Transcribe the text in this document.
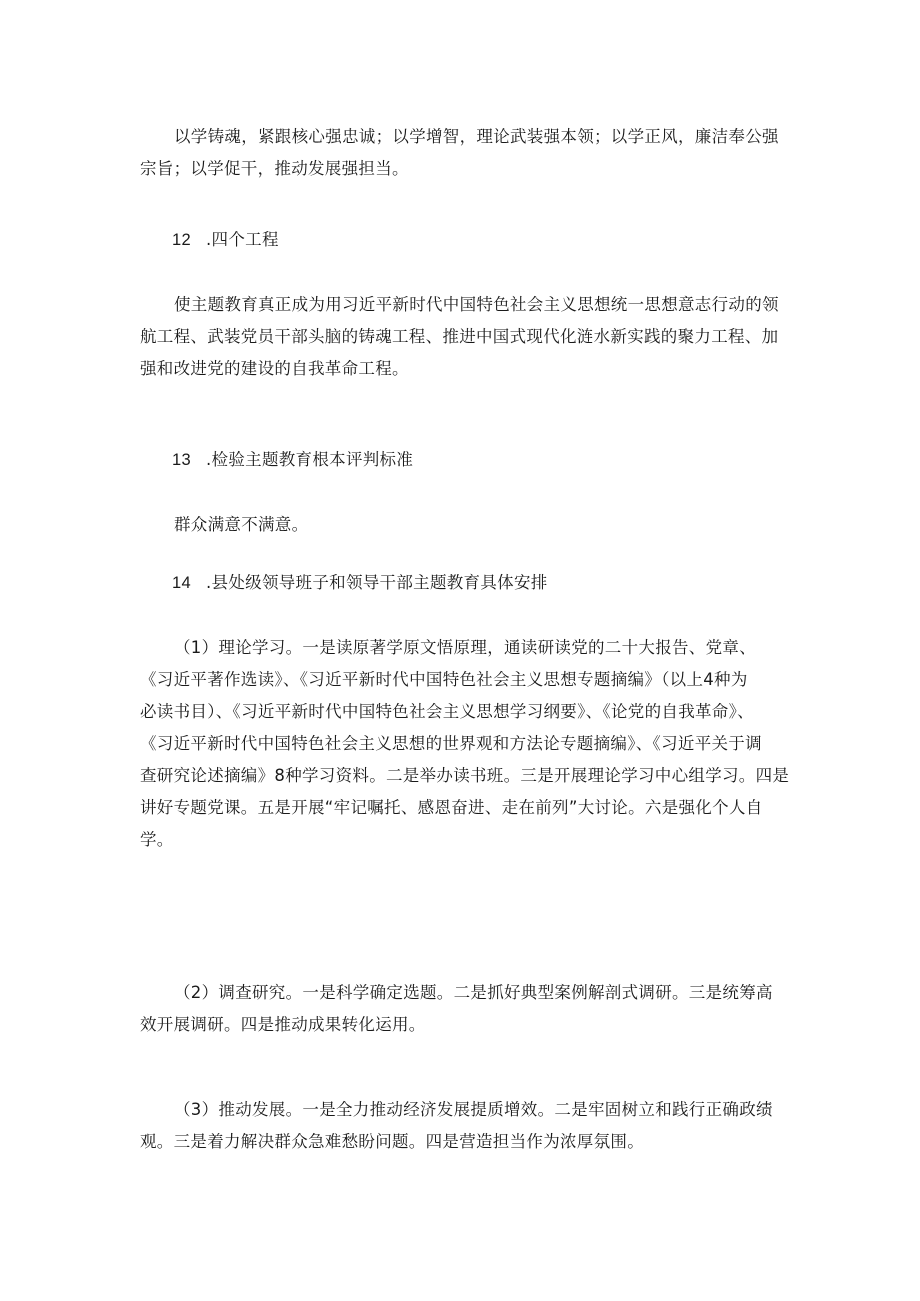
以学铸魂，紧跟核心强忠诚；以学增智，理论武装强本领；以学正风，廉洁奉公强
宗旨；以学促干，推动发展强担当。
12 .四个工程
使主题教育真正成为用习近平新时代中国特色社会主义思想统一思想意志行动的领
航工程、武装党员干部头脑的铸魂工程、推进中国式现代化涟水新实践的聚力工程、加
强和改进党的建设的自我革命工程。
13 .检验主题教育根本评判标准
群众满意不满意。
14 .县处级领导班子和领导干部主题教育具体安排
（1）理论学习。一是读原著学原文悟原理，通读研读党的二十大报告、党章、
《习近平著作选读》、《习近平新时代中国特色社会主义思想专题摘编》（以上4种为
必读书目）、《习近平新时代中国特色社会主义思想学习纲要》、《论党的自我革命》、
《习近平新时代中国特色社会主义思想的世界观和方法论专题摘编》、《习近平关于调
查研究论述摘编》8种学习资料。二是举办读书班。三是开展理论学习中心组学习。四是
讲好专题党课。五是开展“牢记嘱托、感恩奋进、走在前列”大讨论。六是强化个人自
学。
（2）调查研究。一是科学确定选题。二是抓好典型案例解剖式调研。三是统筹高
效开展调研。四是推动成果转化运用。
（3）推动发展。一是全力推动经济发展提质增效。二是牢固树立和践行正确政绩
观。三是着力解决群众急难愁盼问题。四是营造担当作为浓厚氛围。
